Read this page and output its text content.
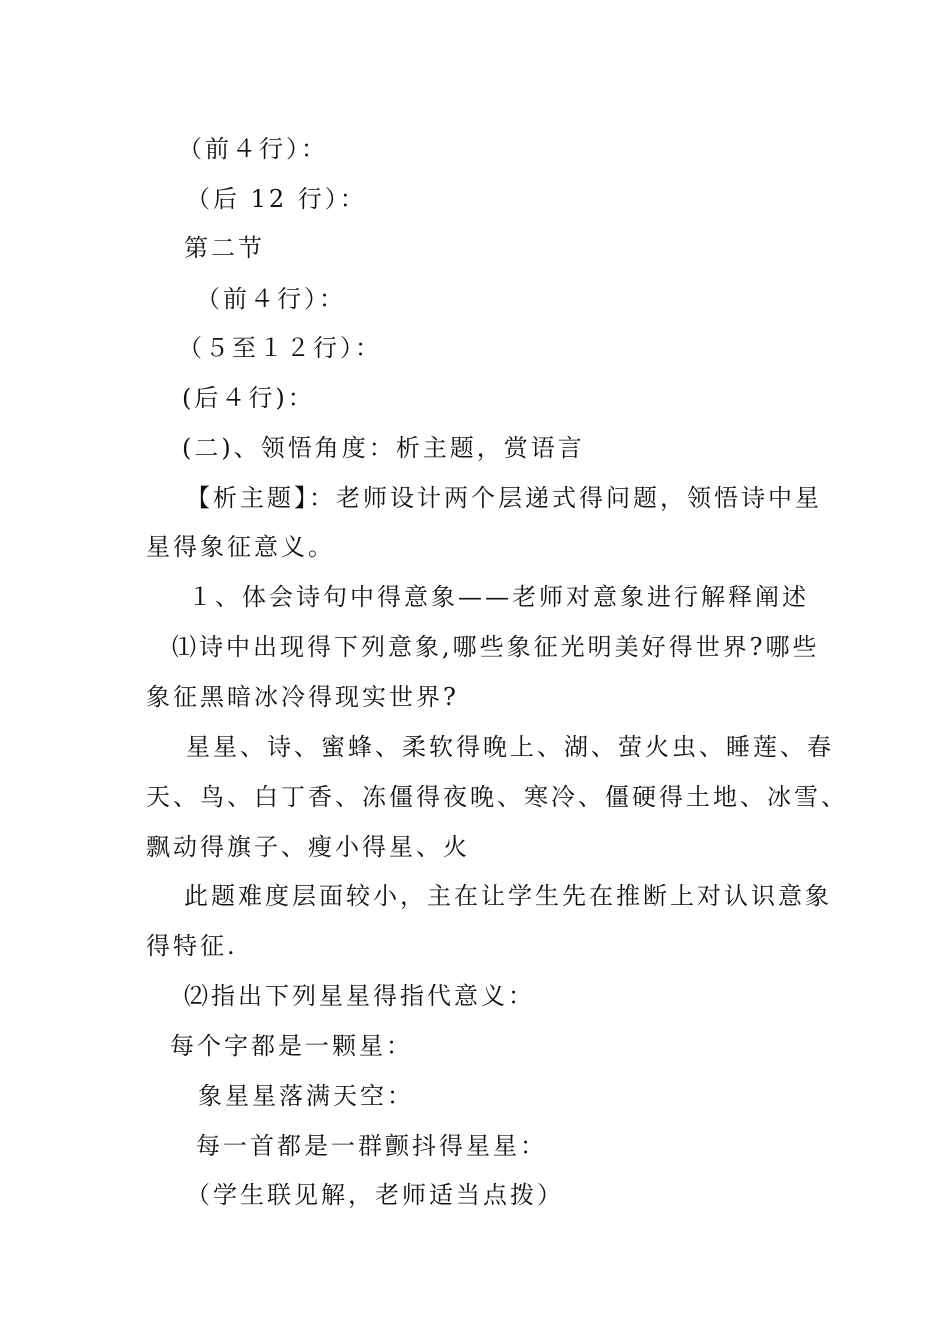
（前４行）：
（后 12 行）：
第二节
（前４行）：
（５至１２行）：
(后４行)：
(二)、领悟角度：析主题，赏语言
【析主题】：老师设计两个层递式得问题，领悟诗中星
星得象征意义。
１、体会诗句中得意象——老师对意象进行解释阐述
⑴诗中出现得下列意象,哪些象征光明美好得世界?哪些
象征黑暗冰冷得现实世界?
星星、诗、蜜蜂、柔软得晚上、湖、萤火虫、睡莲、春
天、鸟、白丁香、冻僵得夜晚、寒冷、僵硬得土地、冰雪、
飘动得旗子、瘦小得星、火
此题难度层面较小，主在让学生先在推断上对认识意象
得特征.
⑵指出下列星星得指代意义：
每个字都是一颗星：
象星星落满天空：
每一首都是一群颤抖得星星：
（学生联见解，老师适当点拨）
